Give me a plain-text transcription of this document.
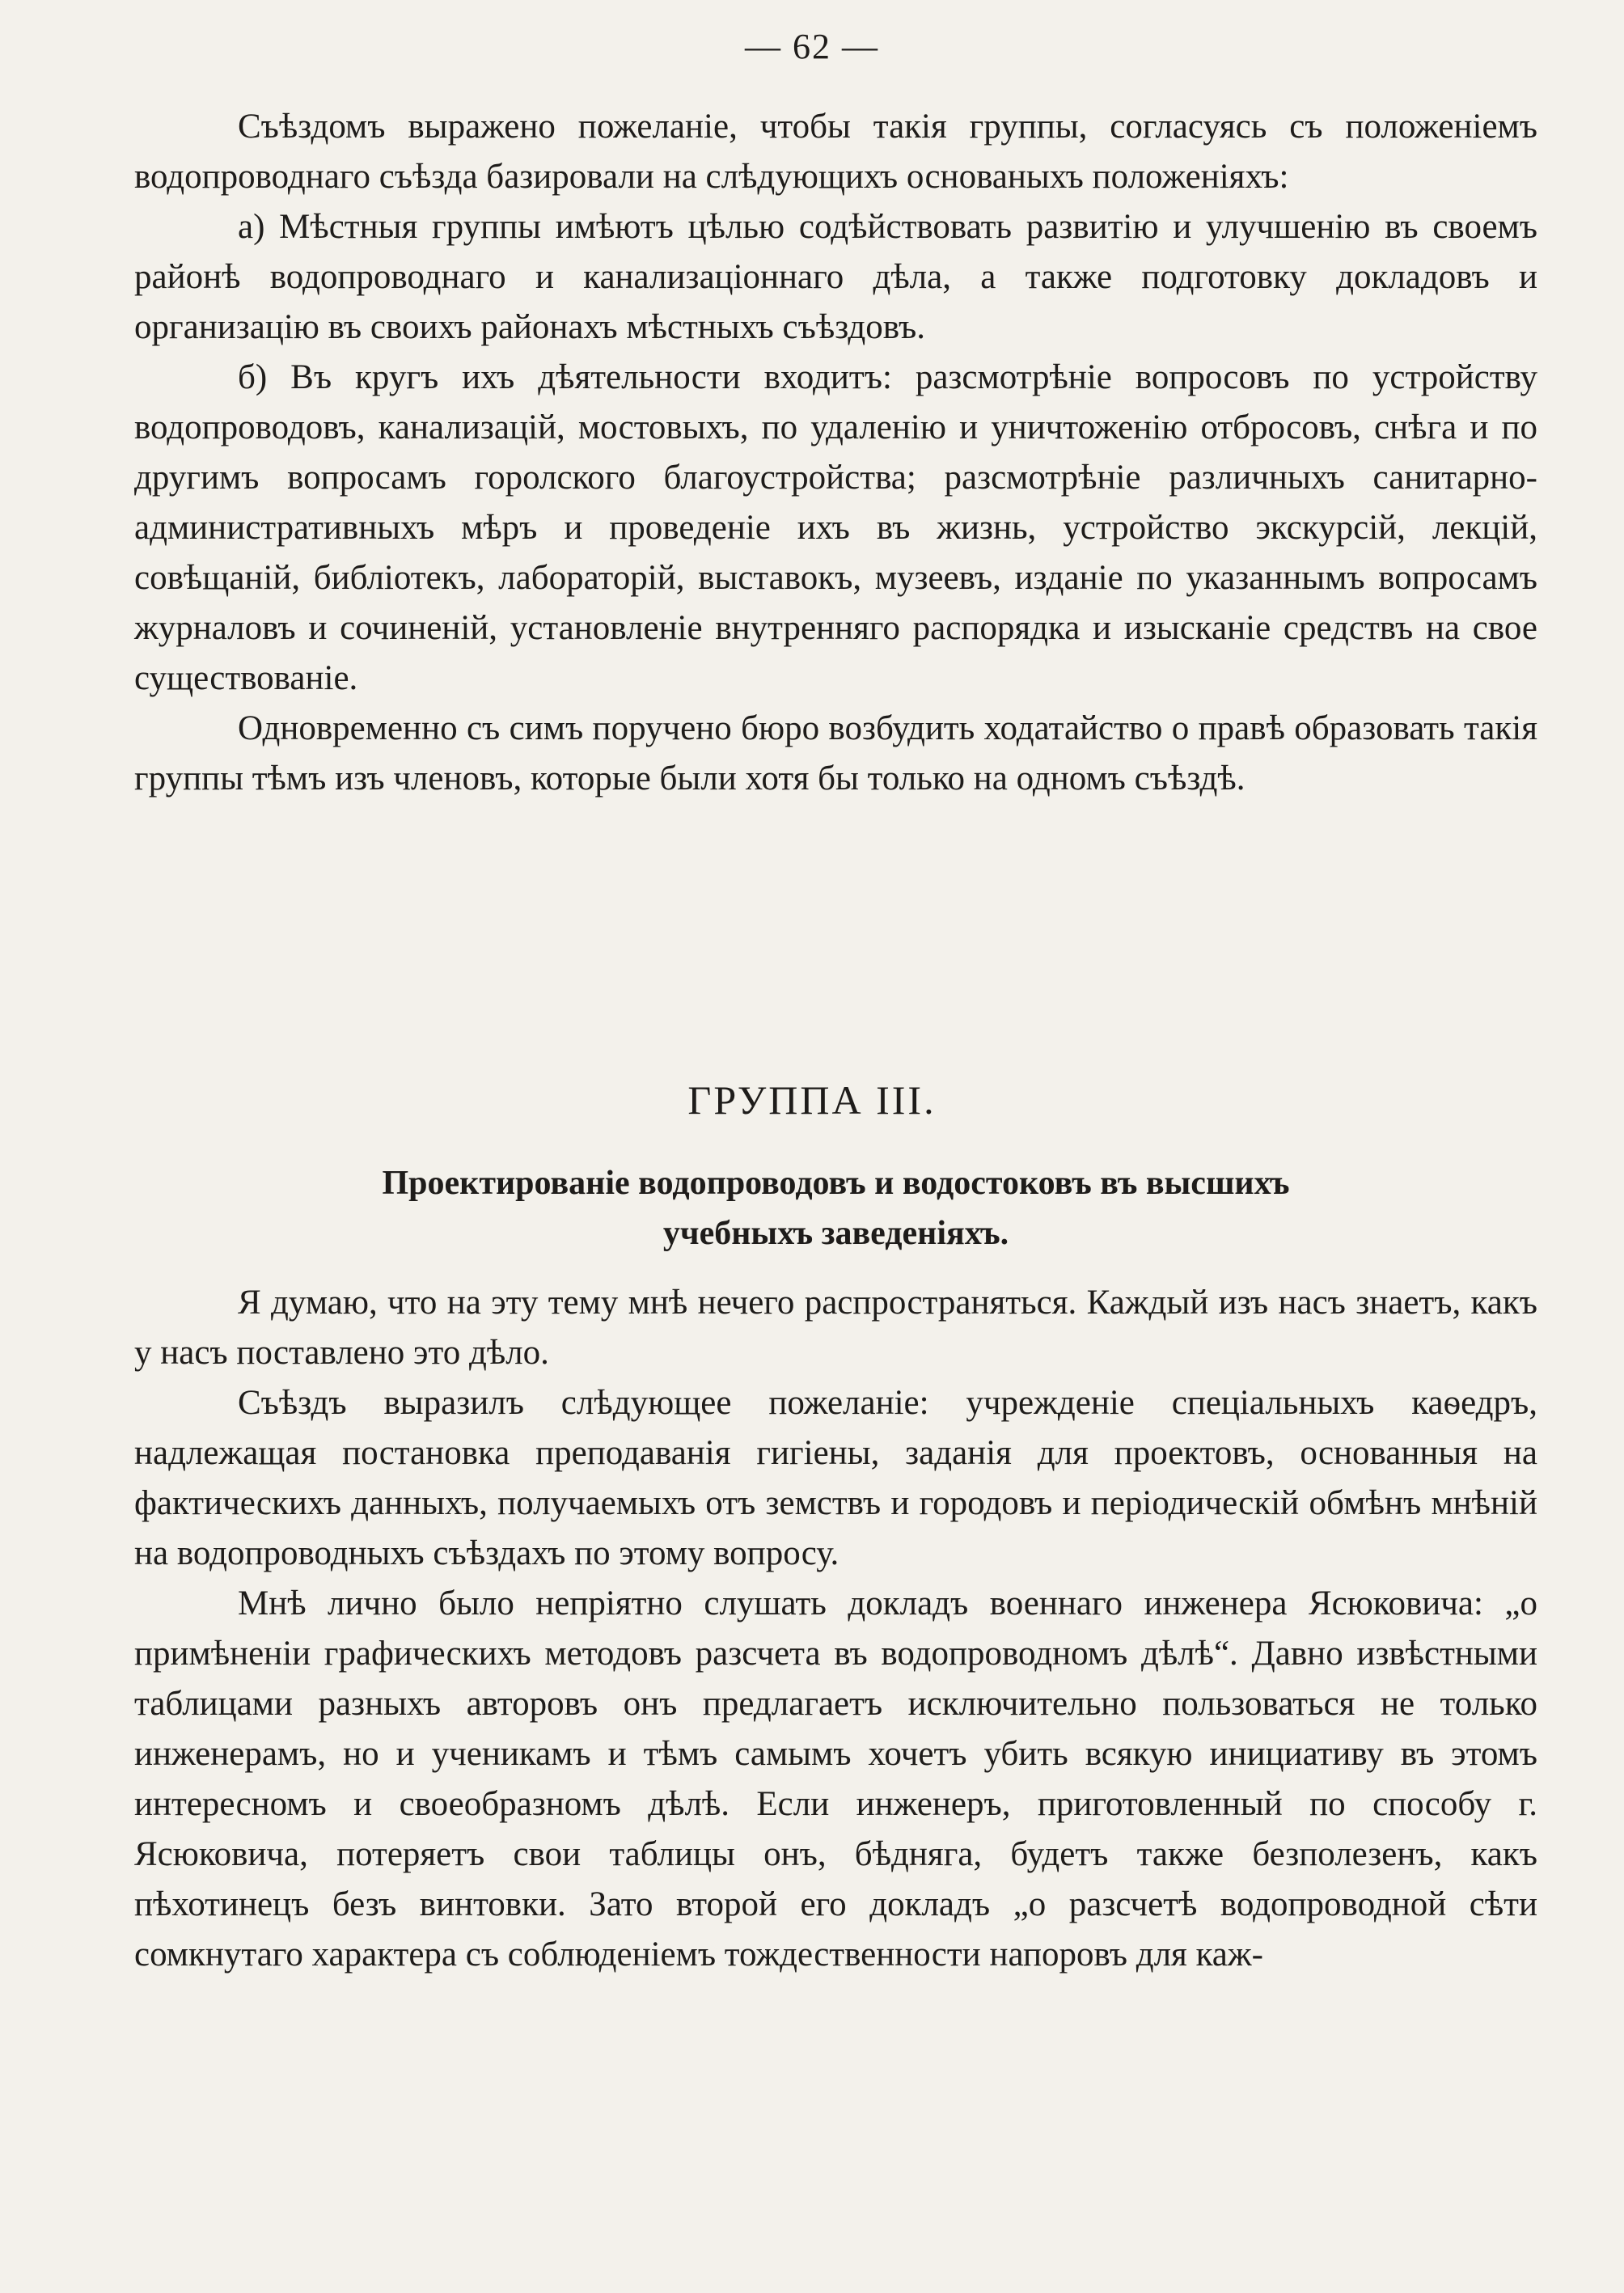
— 62 —

Съѣздомъ выражено пожеланіе, чтобы такія группы, согласуясь съ положеніемъ водопроводнаго съѣзда базировали на слѣдующихъ основаныхъ положеніяхъ:

а) Мѣстныя группы имѣютъ цѣлью содѣйствовать развитію и улучшенію въ своемъ районѣ водопроводнаго и канализаціоннаго дѣла, а также подготовку докладовъ и организацію въ своихъ районахъ мѣстныхъ съѣздовъ.

б) Въ кругъ ихъ дѣятельности входитъ: разсмотрѣніе вопросовъ по устройству водопроводовъ, канализацій, мостовыхъ, по удаленію и уничтоженію отбросовъ, снѣга и по другимъ вопросамъ горолского благоустройства; разсмотрѣніе различныхъ санитарно-административныхъ мѣръ и проведеніе ихъ въ жизнь, устройство экскурсій, лекцій, совѣщаній, библіотекъ, лабораторій, выставокъ, музеевъ, изданіе по указаннымъ вопросамъ журналовъ и сочиненій, установленіе внутренняго распорядка и изысканіе средствъ на свое существованіе.

Одновременно съ симъ поручено бюро возбудить ходатайство о правѣ образовать такія группы тѣмъ изъ членовъ, которые были хотя бы только на одномъ съѣздѣ.

ГРУППА III.
Проектированіе водопроводовъ и водостоковъ въ высшихъ
учебныхъ заведеніяхъ.

Я думаю, что на эту тему мнѣ нечего распространяться. Каждый изъ насъ знаетъ, какъ у насъ поставлено это дѣло.

Съѣздъ выразилъ слѣдующее пожеланіе: учрежденіе спеціальныхъ каѳедръ, надлежащая постановка преподаванія гигіены, заданія для проектовъ, основанныя на фактическихъ данныхъ, получаемыхъ отъ земствъ и городовъ и періодическій обмѣнъ мнѣній на водопроводныхъ съѣздахъ по этому вопросу.

Мнѣ лично было непріятно слушать докладъ военнаго инженера Ясюковича: „о примѣненіи графическихъ методовъ разсчета въ водопроводномъ дѣлѣ“. Давно извѣстными таблицами разныхъ авторовъ онъ предлагаетъ исключительно пользоваться не только инженерамъ, но и ученикамъ и тѣмъ самымъ хочетъ убить всякую инициативу въ этомъ интересномъ и своеобразномъ дѣлѣ. Если инженеръ, приготовленный по способу г. Ясюковича, потеряетъ свои таблицы онъ, бѣдняга, будетъ также безполезенъ, какъ пѣхотинецъ безъ винтовки. Зато второй его докладъ „о разсчетѣ водопроводной сѣти сомкнутаго характера съ соблюденіемъ тождественности напоровъ для каж-
